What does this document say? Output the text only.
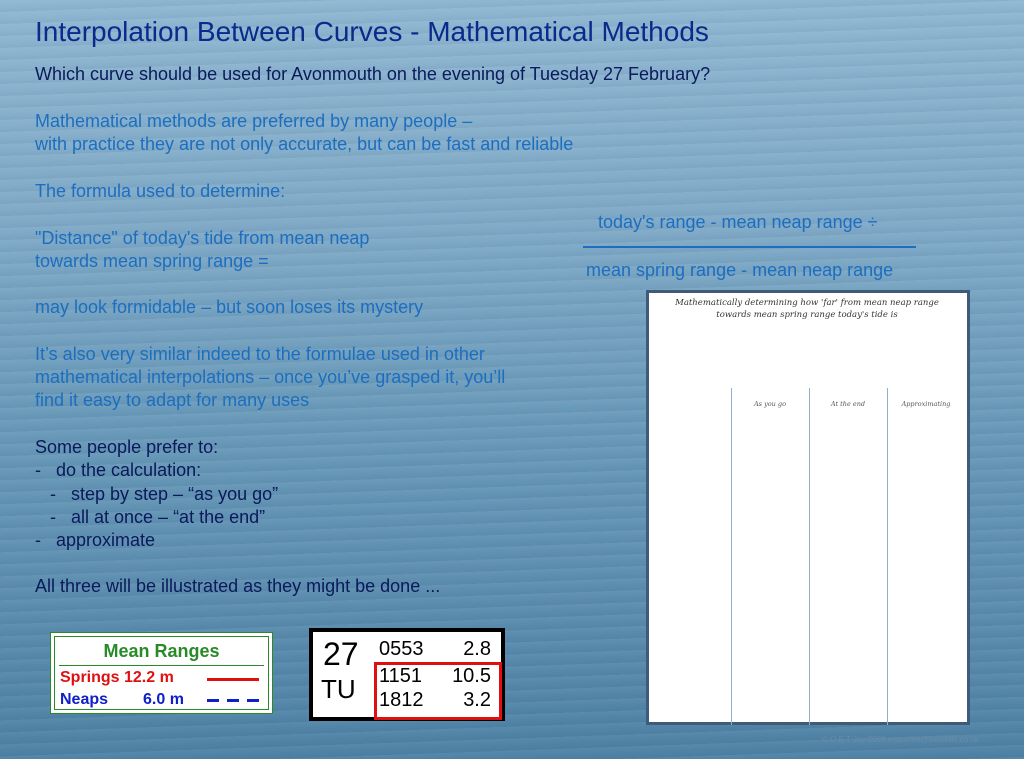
Interpolation Between Curves - Mathematical Methods
Which curve should be used for Avonmouth on the evening of Tuesday 27 February?
Mathematical methods are preferred by many people –
with practice they are not only accurate, but can be fast and reliable
The formula used to determine:
"Distance" of today's tide from mean neap
towards mean spring range =
today's range - mean neap range ÷
mean spring range - mean neap range
may look formidable – but soon loses its mystery
It’s also very similar indeed to the formulae used in other
mathematical interpolations – once you’ve grasped it, you’ll
find it easy to adapt for many uses
Some people prefer to:
-   do the calculation:
-   step by step – “as you go”
-   all at once – “at the end”
-   approximate
All three will be illustrated as they might be done ...
Mathematically determining how 'far' from mean neap range towards mean spring range today's tide is
As you go	At the end	Approximating
Mean Ranges
Springs 12.2 m
Neaps 6.0 m
27
TU
0553	2.8
1151	10.5
1812	3.2
© O E T Joy 2008 enquiries@sailskills.co.uk
